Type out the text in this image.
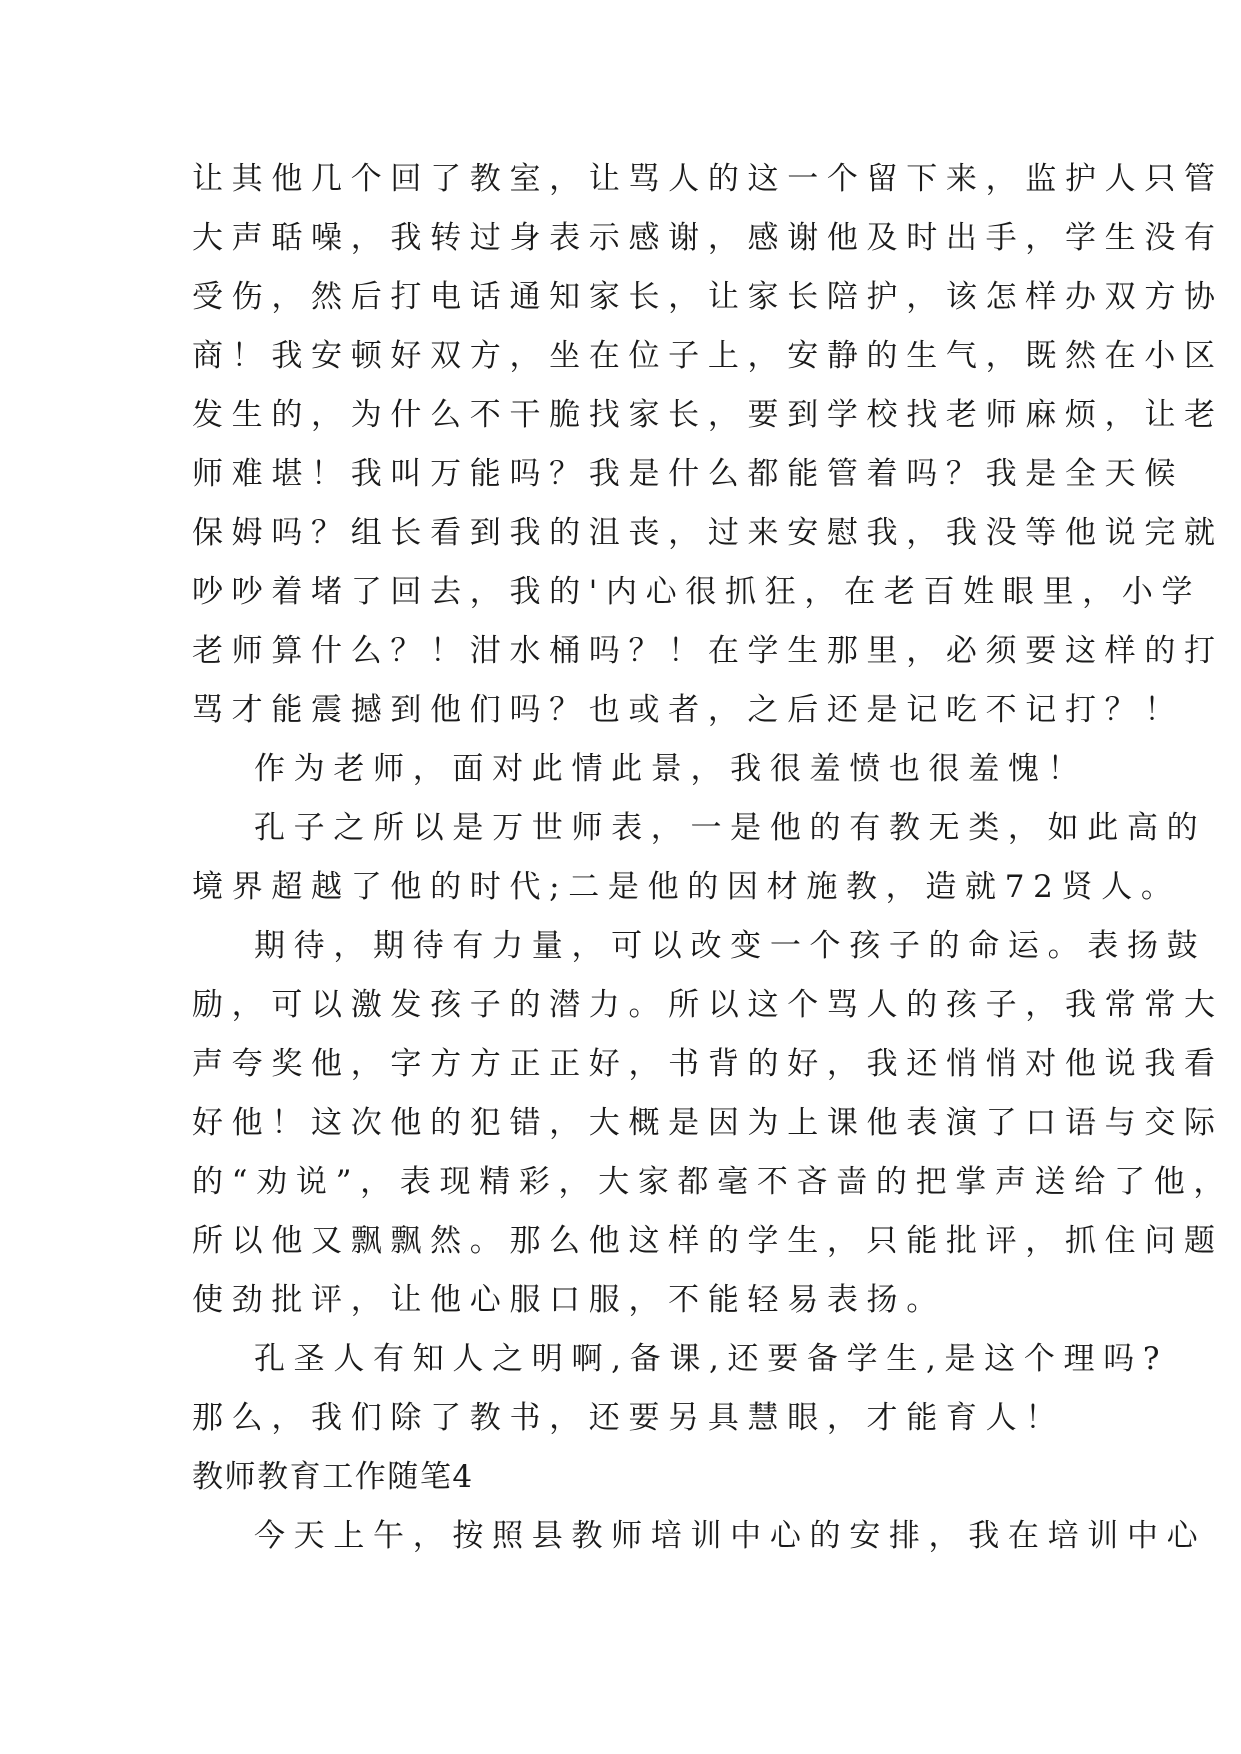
让其他几个回了教室，让骂人的这一个留下来，监护人只管
大声聒噪，我转过身表示感谢，感谢他及时出手，学生没有
受伤，然后打电话通知家长，让家长陪护，该怎样办双方协
商！我安顿好双方，坐在位子上，安静的生气，既然在小区
发生的，为什么不干脆找家长，要到学校找老师麻烦，让老
师难堪！我叫万能吗？我是什么都能管着吗？我是全天候
保姆吗？组长看到我的沮丧，过来安慰我，我没等他说完就
吵吵着堵了回去，我的'内心很抓狂，在老百姓眼里，小学
老师算什么？！泔水桶吗？！在学生那里，必须要这样的打
骂才能震撼到他们吗？也或者，之后还是记吃不记打？！
作为老师，面对此情此景，我很羞愤也很羞愧！
孔子之所以是万世师表，一是他的有教无类，如此高的
境界超越了他的时代;二是他的因材施教，造就72贤人。
期待，期待有力量，可以改变一个孩子的命运。表扬鼓
励，可以激发孩子的潜力。所以这个骂人的孩子，我常常大
声夸奖他，字方方正正好，书背的好，我还悄悄对他说我看
好他！这次他的犯错，大概是因为上课他表演了口语与交际
的“劝说”，表现精彩，大家都毫不吝啬的把掌声送给了他，
所以他又飘飘然。那么他这样的学生，只能批评，抓住问题
使劲批评，让他心服口服，不能轻易表扬。
孔圣人有知人之明啊,备课,还要备学生,是这个理吗?
那么，我们除了教书，还要另具慧眼，才能育人！
教师教育工作随笔4
今天上午，按照县教师培训中心的安排，我在培训中心
